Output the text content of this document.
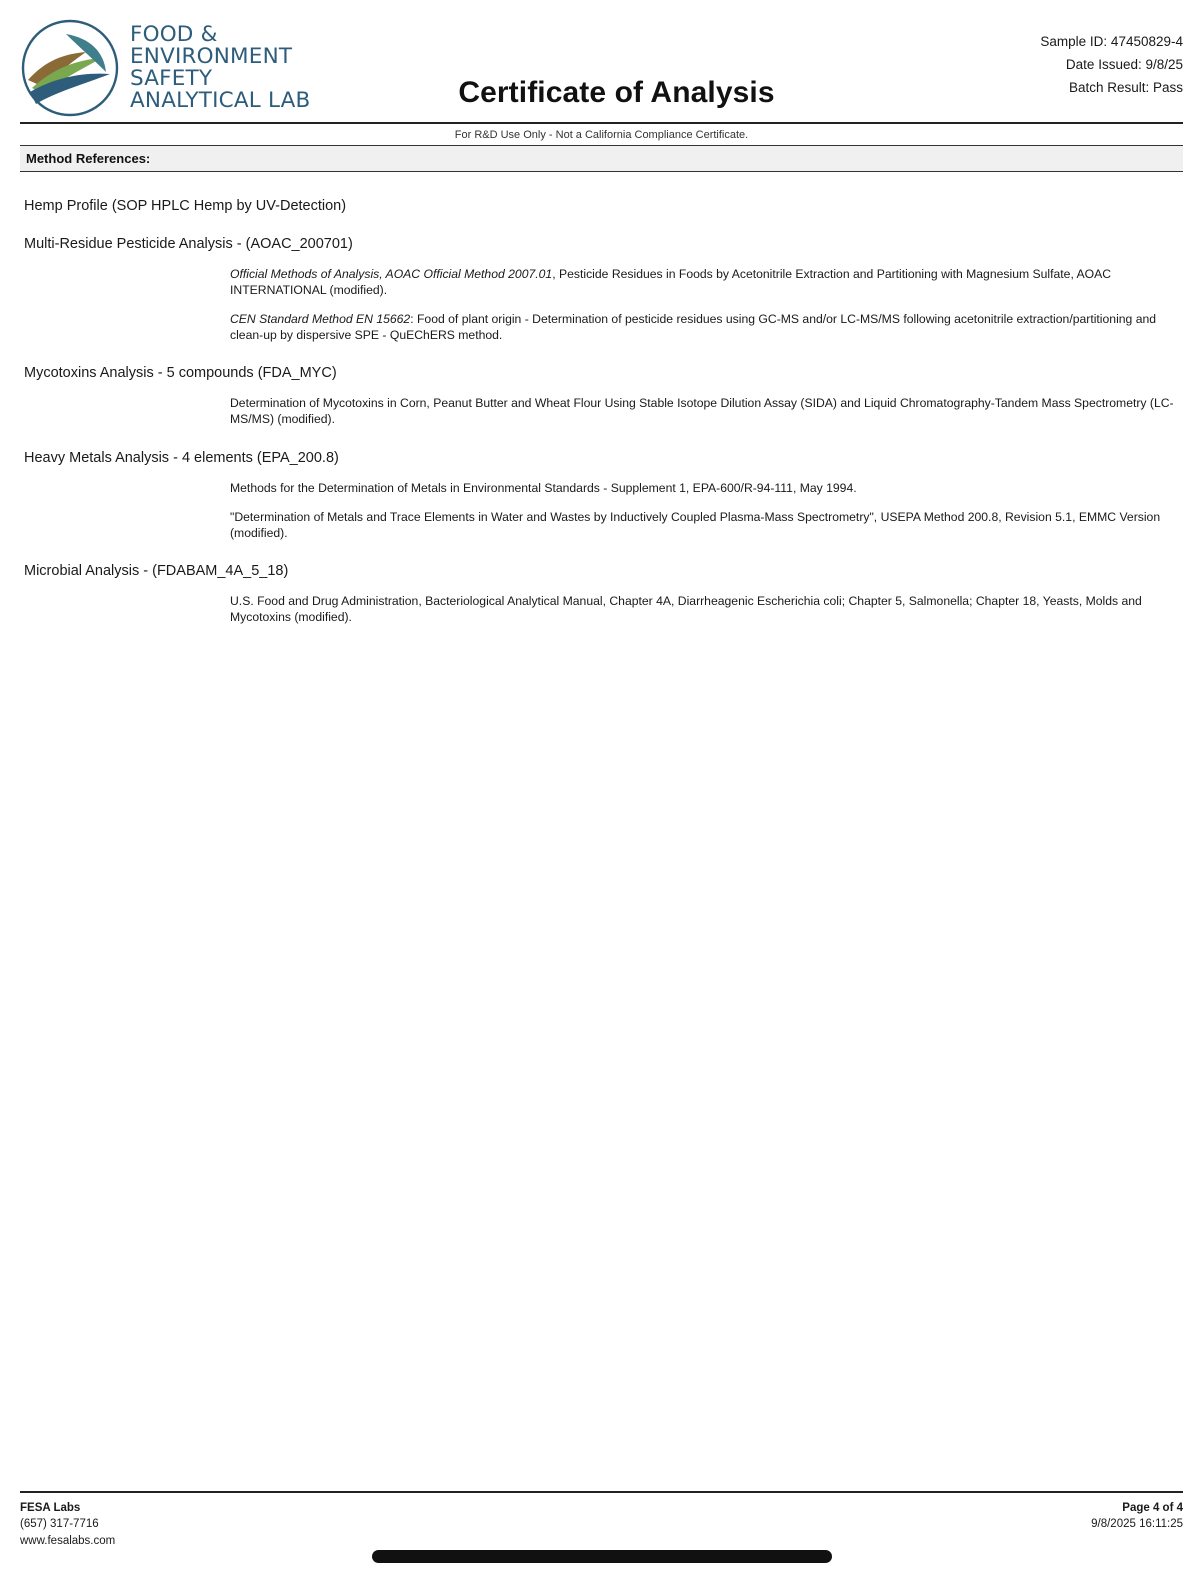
FOOD &
ENVIRONMENT
SAFETY
ANALYTICAL LAB	Certificate of Analysis
Sample ID: 47450829-4
Date Issued: 9/8/25
Batch Result: Pass
For R&D Use Only - Not a California Compliance Certificate.
Method References:
Hemp Profile (SOP HPLC Hemp by UV-Detection)
Multi-Residue Pesticide Analysis - (AOAC_200701)
Official Methods of Analysis, AOAC Official Method 2007.01, Pesticide Residues in Foods by Acetonitrile Extraction and Partitioning with Magnesium Sulfate, AOAC INTERNATIONAL (modified).
CEN Standard Method EN 15662: Food of plant origin - Determination of pesticide residues using GC-MS and/or LC-MS/MS following acetonitrile extraction/partitioning and clean-up by dispersive SPE - QuEChERS method.
Mycotoxins Analysis - 5 compounds (FDA_MYC)
Determination of Mycotoxins in Corn, Peanut Butter and Wheat Flour Using Stable Isotope Dilution Assay (SIDA) and Liquid Chromatography-Tandem Mass Spectrometry (LC-MS/MS) (modified).
Heavy Metals Analysis - 4 elements (EPA_200.8)
Methods for the Determination of Metals in Environmental Standards - Supplement 1, EPA-600/R-94-111, May 1994.
"Determination of Metals and Trace Elements in Water and Wastes by Inductively Coupled Plasma-Mass Spectrometry", USEPA Method 200.8, Revision 5.1, EMMC Version (modified).
Microbial Analysis - (FDABAM_4A_5_18)
U.S. Food and Drug Administration, Bacteriological Analytical Manual, Chapter 4A, Diarrheagenic Escherichia coli; Chapter 5, Salmonella; Chapter 18, Yeasts, Molds and Mycotoxins (modified).
FESA Labs
(657) 317-7716
www.fesalabs.com
Page 4 of 4
9/8/2025 16:11:25
